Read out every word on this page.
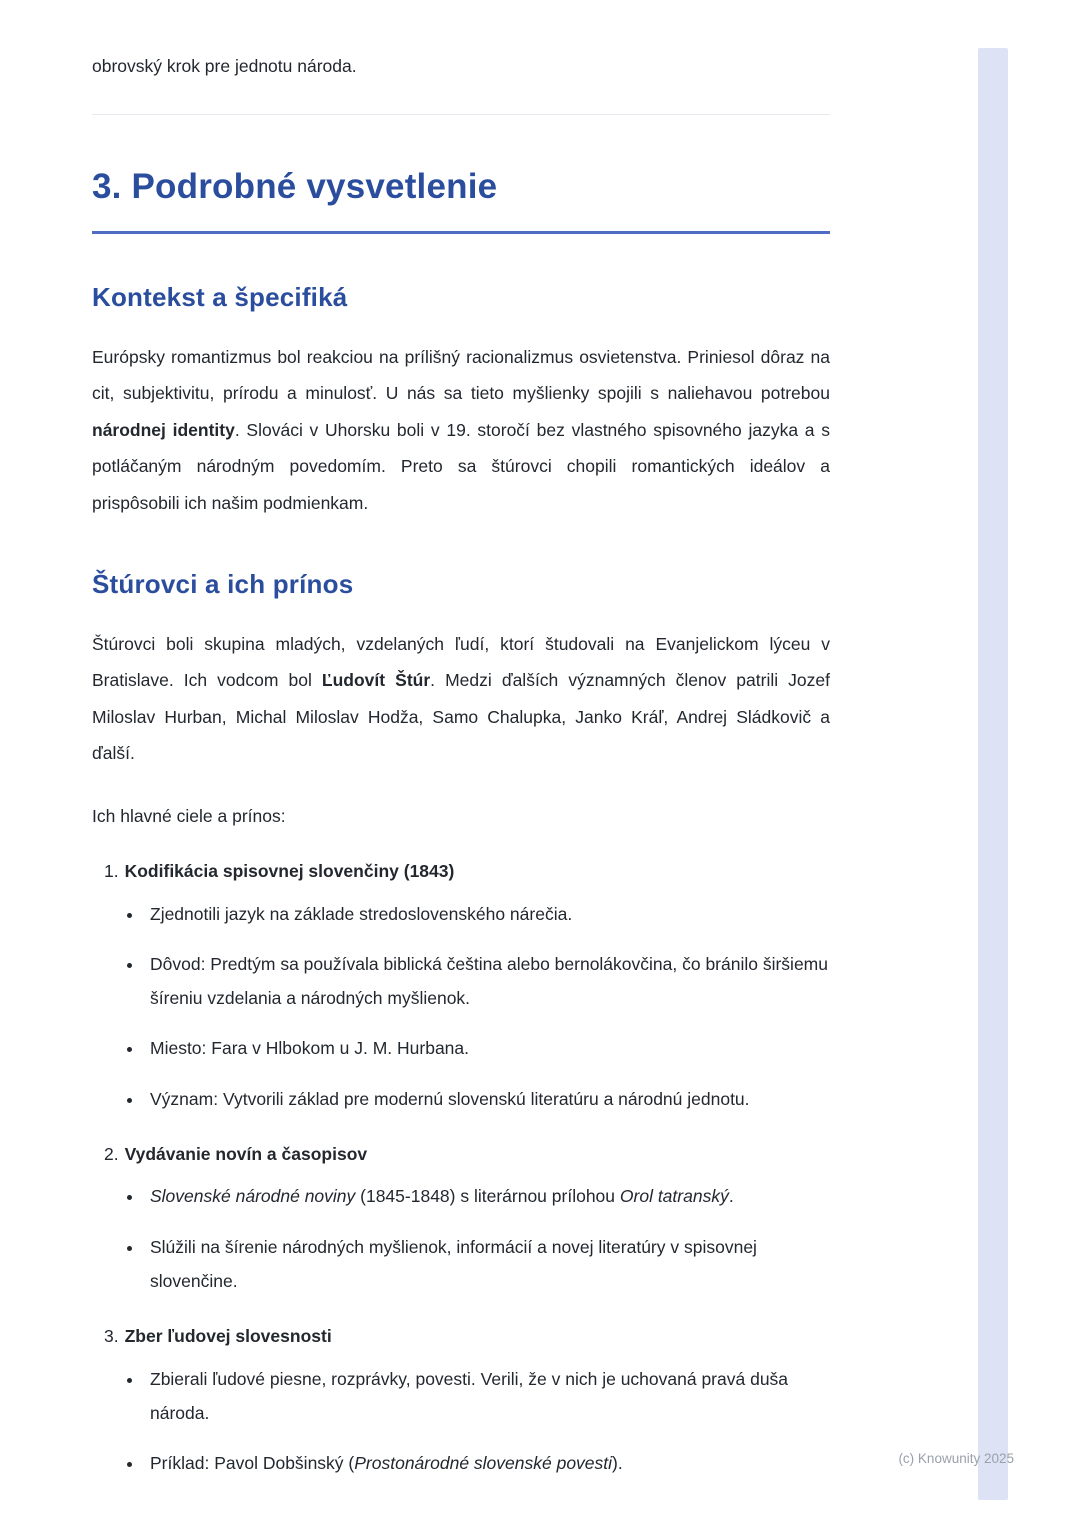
obrovský krok pre jednotu národa.
3. Podrobné vysvetlenie
Kontekst a špecifiká

Európsky romantizmus bol reakciou na prílišný racionalizmus osvietenstva. Priniesol dôraz na cit, subjektivitu, prírodu a minulosť. U nás sa tieto myšlienky spojili s naliehavou potrebou národnej identity. Slováci v Uhorsku boli v 19. storočí bez vlastného spisovného jazyka a s potláčaným národným povedomím. Preto sa štúrovci chopili romantických ideálov a prispôsobili ich našim podmienkam.

Štúrovci a ich prínos

Štúrovci boli skupina mladých, vzdelaných ľudí, ktorí študovali na Evanjelickom lýceu v Bratislave. Ich vodcom bol Ľudovít Štúr. Medzi ďalších významných členov patrili Jozef Miloslav Hurban, Michal Miloslav Hodža, Samo Chalupka, Janko Kráľ, Andrej Sládkovič a ďalší.

Ich hlavné ciele a prínos:

1. Kodifikácia spisovnej slovenčiny (1843)
• Zjednotili jazyk na základe stredoslovenského nárečia.
• Dôvod: Predtým sa používala biblická čeština alebo bernolákovčina, čo bránilo širšiemu šíreniu vzdelania a národných myšlienok.
• Miesto: Fara v Hlbokom u J. M. Hurbana.
• Význam: Vytvorili základ pre modernú slovenskú literatúru a národnú jednotu.
2. Vydávanie novín a časopisov
• Slovenské národné noviny (1845-1848) s literárnou prílohou Orol tatranský.
• Slúžili na šírenie národných myšlienok, informácií a novej literatúry v spisovnej slovenčine.
3. Zber ľudovej slovesnosti
• Zbierali ľudové piesne, rozprávky, povesti. Verili, že v nich je uchovaná pravá duša národa.
• Príklad: Pavol Dobšinský (Prostonárodné slovenské povesti).	(c) Knowunity 2025
